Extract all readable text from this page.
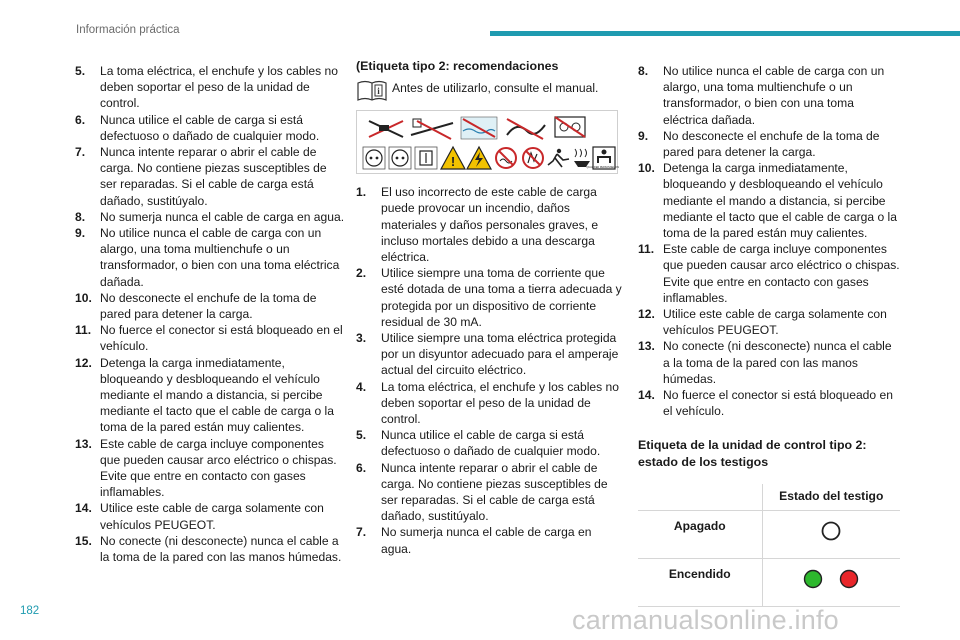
Información práctica
5.	La toma eléctrica, el enchufe y los cables no deben soportar el peso de la unidad de control.
6.	Nunca utilice el cable de carga si está defectuoso o dañado de cualquier modo.
7.	Nunca intente reparar o abrir el cable de carga. No contiene piezas susceptibles de ser reparadas. Si el cable de carga está dañado, sustitúyalo.
8.	No sumerja nunca el cable de carga en agua.
9.	No utilice nunca el cable de carga con un alargo, una toma multienchufe o un transformador, o bien con una toma eléctrica dañada.
10. No desconecte el enchufe de la toma de pared para detener la carga.
11. No fuerce el conector si está bloqueado en el vehículo.
12. Detenga la carga inmediatamente, bloqueando y desbloqueando el vehículo mediante el mando a distancia, si percibe mediante el tacto que el cable de carga o la toma de la pared están muy calientes.
13. Este cable de carga incluye componentes que pueden causar arco eléctrico o chispas. Evite que entre en contacto con gases inflamables.
14. Utilice este cable de carga solamente con vehículos PEUGEOT.
15. No conecte (ni desconecte) nunca el cable a la toma de la pared con las manos húmedas.
(Etiqueta tipo 2: recomendaciones
i Antes de utilizarlo, consulte el manual.
!	QUALIFIED PERSONNEL ONLY
1.	El uso incorrecto de este cable de carga puede provocar un incendio, daños materiales y daños personales graves, e incluso mortales debido a una descarga eléctrica.
2.	Utilice siempre una toma de corriente que esté dotada de una toma a tierra adecuada y protegida por un dispositivo de corriente residual de 30 mA.
3.	Utilice siempre una toma eléctrica protegida por un disyuntor adecuado para el amperaje actual del circuito eléctrico.
4.	La toma eléctrica, el enchufe y los cables no deben soportar el peso de la unidad de control.
5.	Nunca utilice el cable de carga si está defectuoso o dañado de cualquier modo.
6.	Nunca intente reparar o abrir el cable de carga. No contiene piezas susceptibles de ser reparadas. Si el cable de carga está dañado, sustitúyalo.
7.	No sumerja nunca el cable de carga en agua.
8.	No utilice nunca el cable de carga con un alargo, una toma multienchufe o un transformador, o bien con una toma eléctrica dañada.
9.	No desconecte el enchufe de la toma de pared para detener la carga.
10. Detenga la carga inmediatamente, bloqueando y desbloqueando el vehículo mediante el mando a distancia, si percibe mediante el tacto que el cable de carga o la toma de la pared están muy calientes.
11. Este cable de carga incluye componentes que pueden causar arco eléctrico o chispas. Evite que entre en contacto con gases inflamables.
12. Utilice este cable de carga solamente con vehículos PEUGEOT.
13. No conecte (ni desconecte) nunca el cable a la toma de la pared con las manos húmedas.
14. No fuerce el conector si está bloqueado en el vehículo.
Etiqueta de la unidad de control tipo 2: estado de los testigos
	Estado del testigo
Apagado	
Encendido	
182	carmanualsonline.info
